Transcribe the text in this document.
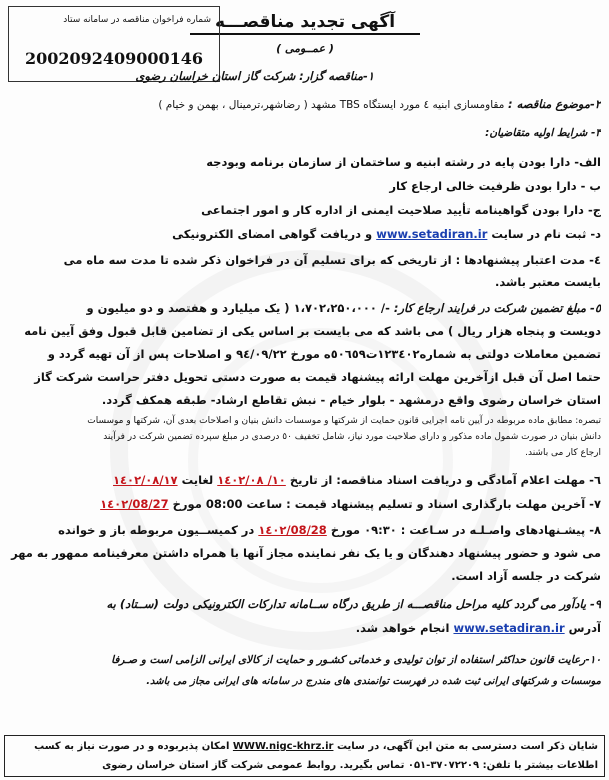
آگهی تجدید مناقصـــه
( عمــومی )
شماره فراخوان مناقصه در سامانه ستاد
2002092409000146
۱-مناقصه گزار: شرکت گاز استان خراسان رضوی
۲-موضوع مناقصه : مقاومسازی ابنیه ٤ مورد ایستگاه TBS مشهد ( رضاشهر،ترمینال ، بهمن و خیام )
۳- شرایط اولیه متقاضیان:
الف- دارا بودن پایه در رشته ابنیه و ساختمان از سازمان برنامه وبودجه
ب - دارا بودن ظرفیت خالی ارجاع کار
ج- دارا بودن گواهینامه تأیید صلاحیت ایمنی از اداره کار و امور اجتماعی
د- ثبت نام در سایت www.setadiran.ir و دریافت گواهی امضای الکترونیکی
٤- مدت اعتبار پیشنهادها : از تاریخی که برای تسلیم آن در فراخوان ذکر شده تا مدت سه ماه می
بایست معتبر باشد.
٥- مبلغ تضمین شرکت در فرایند ارجاع کار: -/ ۱،۷۰۲،۲۵۰،۰۰۰ ( یک میلیارد و هفتصد و دو میلیون و
دویست و پنجاه هزار ریال ) می باشد که می بایست بر اساس یکی از تضامین قابل قبول وفق آیین نامه
تضمین معاملات دولتی به شماره۱۲۳٤۰۲ت٥٠٦٥٩ه مورخ ۹٤/۰۹/۲۲ و اصلاحات پس از آن تهیه گردد و
حتما اصل آن قبل ازآخرین مهلت ارائه پیشنهاد قیمت به صورت دستی تحویل دفتر حراست شرکت گاز
استان خراسان رضوی واقع درمشهد - بلوار خیام - نبش تقاطع ارشاد- طبقه همکف گردد.
تبصره: مطابق ماده مربوطه در آیین نامه اجرایی قانون حمایت از شرکتها و موسسات دانش بنیان و اصلاحات بعدی آن، شرکتها و موسسات
دانش بنیان در صورت شمول ماده مذکور و دارای صلاحیت مورد نیاز، شامل تخفیف ٥٠ درصدی در مبلغ سپرده تضمین شرکت در فرآیند
ارجاع کار می باشند.
٦- مهلت اعلام آمادگی و دریافت اسناد مناقصه: از تاریخ ۱۰/ ۱٤۰۲/۰۸ لغایت ۱٤۰۲/۰۸/۱۷
۷- آخرین مهلت بارگذاری اسناد و تسلیم پیشنهاد قیمت : ساعت 08:00 مورخ ۱٤۰۲/08/27
۸- پیشـنهادهای واصـلـه در سـاعت : ۰۹:۳۰ مورخ ۱٤۰۲/08/28 در کمیســیون مربوطه باز و خوانده
می شود و حضور پیشنهاد دهندگان و یا یک نفر نماینده مجاز آنها با همراه داشتن معرفینامه ممهور به مهر
شرکت در جلسه آزاد است.
۹- یادآور می گردد کلیه مراحل مناقصـــه از طریق درگاه ســامانه تدارکات الکترونیکی دولت (ســتاد) به
آدرس www.setadiran.ir انجام خواهد شد.
۱۰-رعایت قانون حداکثر استفاده از توان تولیدی و خدماتی کشـور و حمایت از کالای ایرانی الزامی است و صـرفا
موسسات و شرکتهای ایرانی ثبت شده در فهرست توانمندی های مندرج در سامانه های ایرانی مجاز می باشد.
شایان ذکر است دسترسی به متن این آگهی، در سایت WWW.nigc-khrz.ir امکان پذیربوده و در صورت نیاز به کسب
اطلاعات بیشتر با تلفن: ۳۷۰۷۲۲۰۹-۰۵۱ تماس بگیرید. روابط عمومی شرکت گاز استان خراسان رضوی
